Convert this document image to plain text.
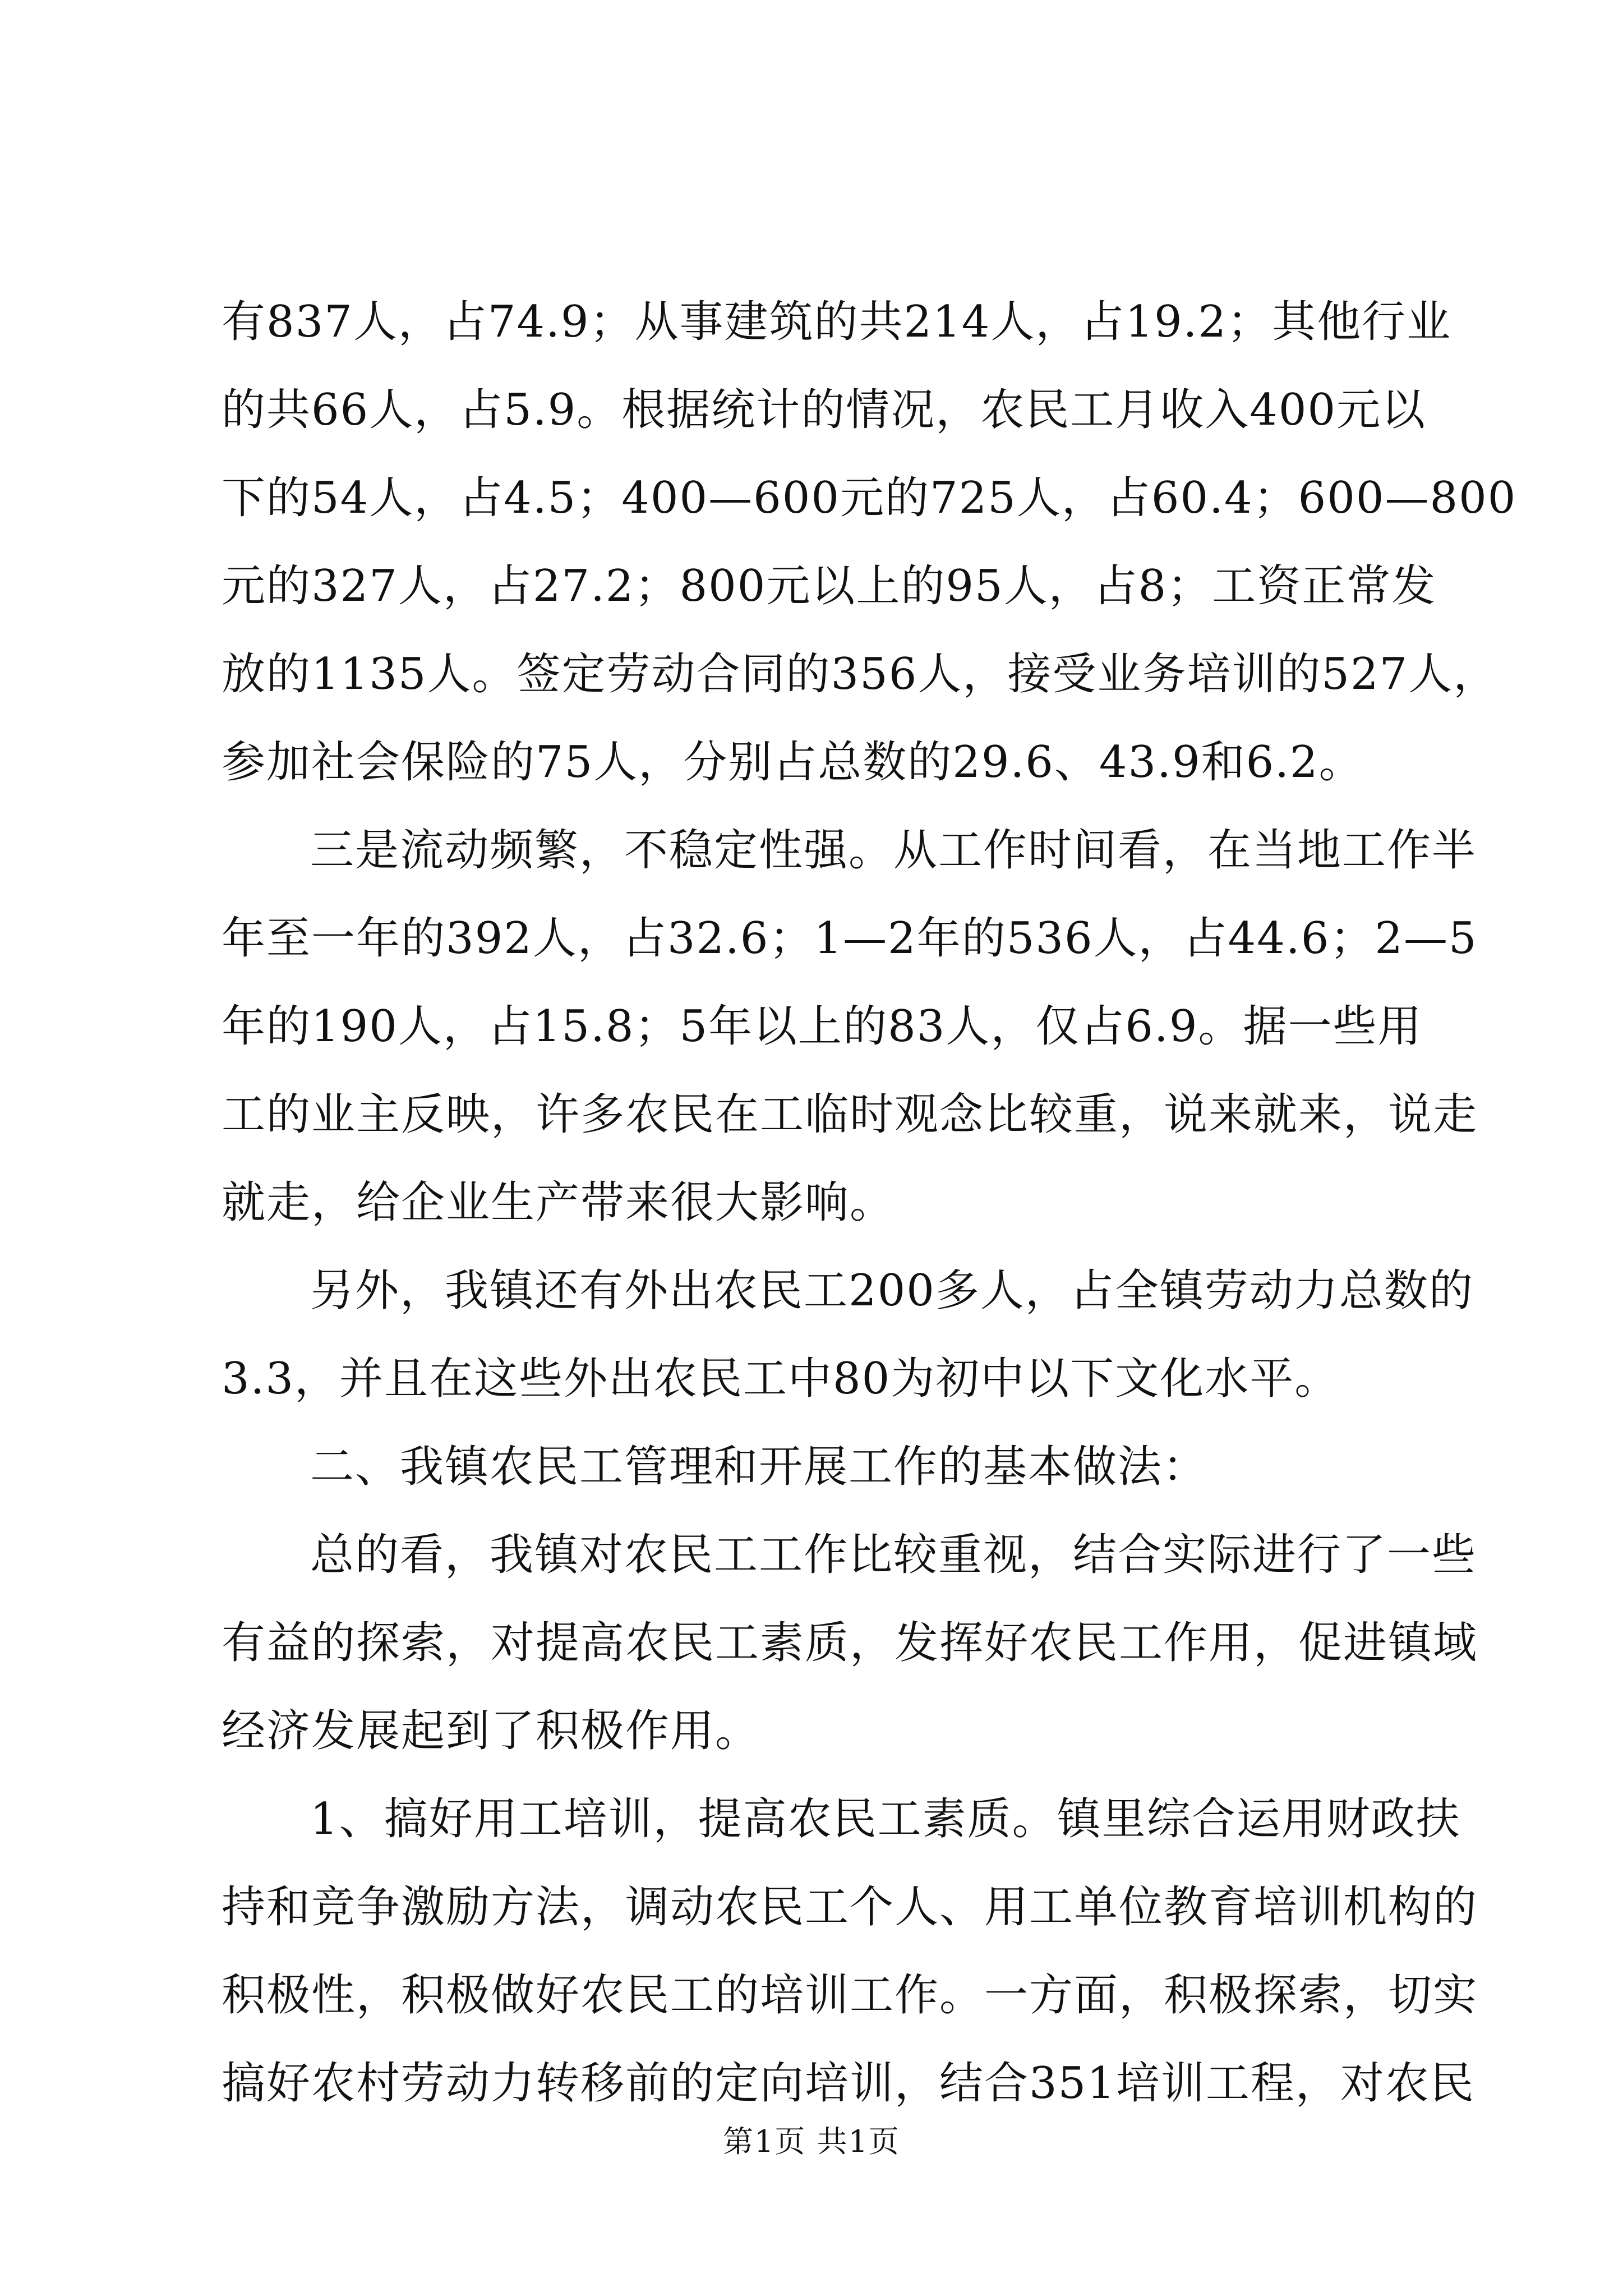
有837人，占74.9；从事建筑的共214人，占19.2；其他行业
的共66人，占5.9。根据统计的情况，农民工月收入400元以
下的54人，占4.5；400—600元的725人，占60.4；600—800
元的327人，占27.2；800元以上的95人，占8；工资正常发
放的1135人。签定劳动合同的356人，接受业务培训的527人，
参加社会保险的75人，分别占总数的29.6、43.9和6.2。
三是流动频繁，不稳定性强。从工作时间看，在当地工作半
年至一年的392人，占32.6；1—2年的536人，占44.6；2—5
年的190人，占15.8；5年以上的83人，仅占6.9。据一些用
工的业主反映，许多农民在工临时观念比较重，说来就来，说走
就走，给企业生产带来很大影响。
另外，我镇还有外出农民工200多人，占全镇劳动力总数的
3.3，并且在这些外出农民工中80为初中以下文化水平。
二、我镇农民工管理和开展工作的基本做法：
总的看，我镇对农民工工作比较重视，结合实际进行了一些
有益的探索，对提高农民工素质，发挥好农民工作用，促进镇域
经济发展起到了积极作用。
1、搞好用工培训，提高农民工素质。镇里综合运用财政扶
持和竞争激励方法，调动农民工个人、用工单位教育培训机构的
积极性，积极做好农民工的培训工作。一方面，积极探索，切实
搞好农村劳动力转移前的定向培训，结合351培训工程，对农民
第1页 共1页
